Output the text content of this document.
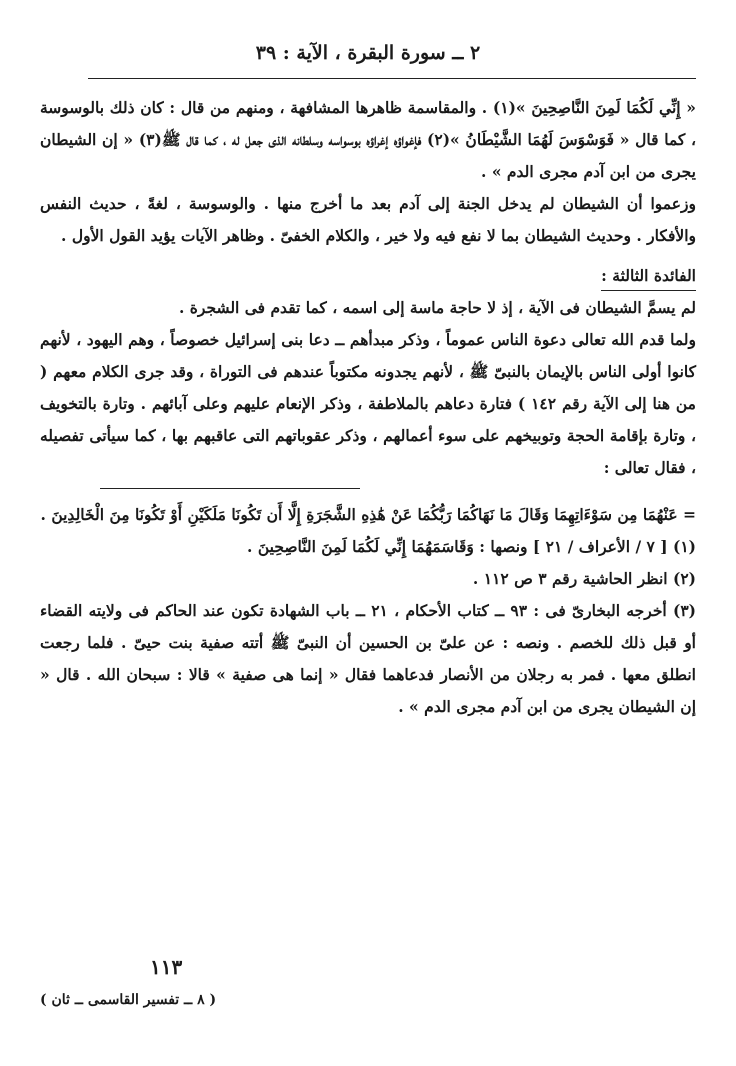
٢ ــ سورة البقرة ، الآية : ٣٩

« إِنِّي لَكُمَا لَمِنَ النَّاصِحِينَ »(١) . والمقاسمة ظاهرها المشافهة ، ومنهم من قال : كان ذلك بالوسوسة ، كما قال « فَوَسْوَسَ لَهُمَا الشَّيْطَانُ »(٢) فإغواؤه إغراؤه بوسواسه وسلطانه الذى جعل له ، كما قال ﷺ(٣) « إن الشيطان يجرى من ابن آدم مجرى الدم » .

وزعموا أن الشيطان لم يدخل الجنة إلى آدم بعد ما أخرج منها . والوسوسة ، لغةً ، حديث النفس والأفكار . وحديث الشيطان بما لا نفع فيه ولا خير ، والكلام الخفىّ . وظاهر الآيات يؤيد القول الأول .

الفائدة الثالثة :

لم يسمَّ الشيطان فى الآية ، إذ لا حاجة ماسة إلى اسمه ، كما تقدم فى الشجرة .

ولما قدم الله تعالى دعوة الناس عموماً ، وذكر مبدأهم ــ دعا بنى إسرائيل خصوصاً ، وهم اليهود ، لأنهم كانوا أولى الناس بالإيمان بالنبىّ ﷺ ، لأنهم يجدونه مكتوباً عندهم فى التوراة ، وقد جرى الكلام معهم ( من هنا إلى الآية رقم ١٤٢ ) فتارة دعاهم بالملاطفة ، وذكر الإنعام عليهم وعلى آبائهم . وتارة بالتخويف ، وتارة بإقامة الحجة وتوبيخهم على سوء أعمالهم ، وذكر عقوباتهم التى عاقبهم بها ، كما سيأتى تفصيله ، فقال تعالى :

= عَنْهُمَا مِن سَوْءَاتِهِمَا وَقَالَ مَا نَهَاكُمَا رَبُّكُمَا عَنْ هَٰذِهِ الشَّجَرَةِ إِلَّا أَن تَكُونَا مَلَكَيْنِ أَوْ تَكُونَا مِنَ الْخَالِدِينَ .

(١) [ ٧ / الأعراف / ٢١ ] ونصها : وَقَاسَمَهُمَا إِنِّي لَكُمَا لَمِنَ النَّاصِحِينَ .

(٢) انظر الحاشية رقم ٣ ص ١١٢ .

(٣) أخرجه البخارىّ فى : ٩٣ ــ كتاب الأحكام ، ٢١ ــ باب الشهادة تكون عند الحاكم فى ولايته القضاء أو قبل ذلك للخصم . ونصه : عن علىّ بن الحسين أن النبىّ ﷺ أتته صفية بنت حيىّ . فلما رجعت انطلق معها . فمر به رجلان من الأنصار فدعاهما فقال « إنما هى صفية » قالا : سبحان الله . قال « إن الشيطان يجرى من ابن آدم مجرى الدم » .

١١٣
( ٨ ــ تفسير القاسمى ــ ثان )
